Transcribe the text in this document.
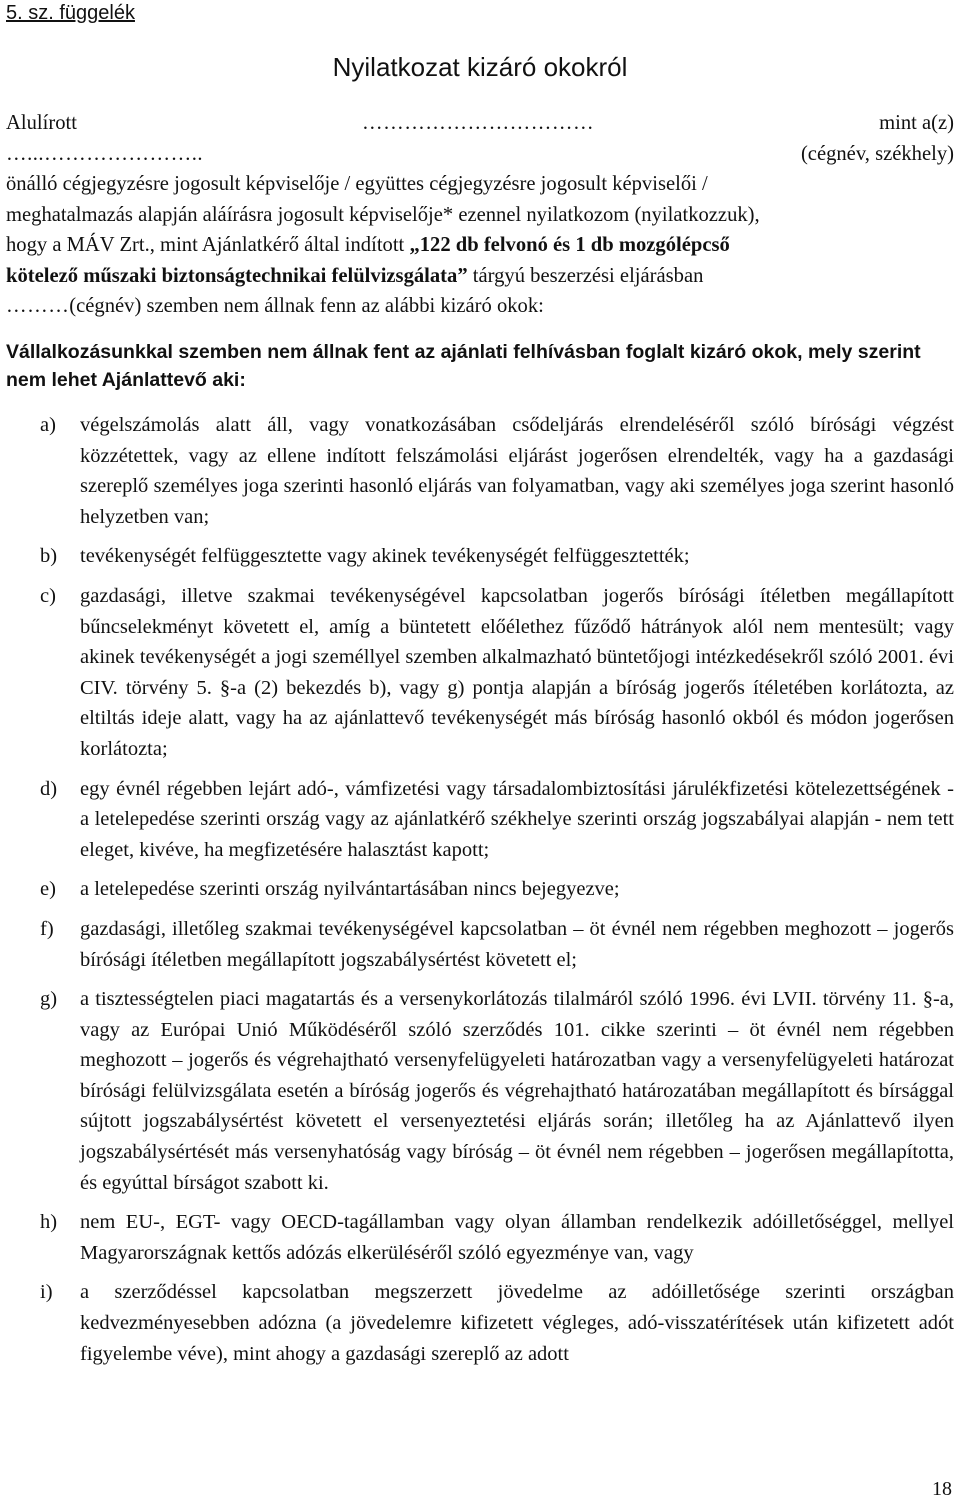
5. sz. függelék
Nyilatkozat kizáró okokról
Alulírott	……………………………	mint a(z)
…...…………………..	(cégnév, székhely)
önálló cégjegyzésre jogosult képviselője / együttes cégjegyzésre jogosult képviselői /
meghatalmazás alapján aláírásra jogosult képviselője* ezennel nyilatkozom (nyilatkozzuk),
hogy a MÁV Zrt., mint Ajánlatkérő által indított „122 db felvonó és 1 db mozgólépcső
kötelező műszaki biztonságtechnikai felülvizsgálata” tárgyú beszerzési eljárásban
……… (cégnév) szemben nem állnak fenn az alábbi kizáró okok:
Vállalkozásunkkal szemben nem állnak fent az ajánlati felhívásban foglalt kizáró okok, mely szerint nem lehet Ajánlattevő aki:
a) végelszámolás alatt áll, vagy vonatkozásában csődeljárás elrendeléséről szóló bírósági végzést közzétettek, vagy az ellene indított felszámolási eljárást jogerősen elrendelték, vagy ha a gazdasági szereplő személyes joga szerinti hasonló eljárás van folyamatban, vagy aki személyes joga szerint hasonló helyzetben van;
b) tevékenységét felfüggesztette vagy akinek tevékenységét felfüggesztették;
c) gazdasági, illetve szakmai tevékenységével kapcsolatban jogerős bírósági ítéletben megállapított bűncselekményt követett el, amíg a büntetett előélethez fűződő hátrányok alól nem mentesült; vagy akinek tevékenységét a jogi személlyel szemben alkalmazható büntetőjogi intézkedésekről szóló 2001. évi CIV. törvény 5. §-a (2) bekezdés b), vagy g) pontja alapján a bíróság jogerős ítéletében korlátozta, az eltiltás ideje alatt, vagy ha az ajánlattevő tevékenységét más bíróság hasonló okból és módon jogerősen korlátozta;
d) egy évnél régebben lejárt adó-, vámfizetési vagy társadalombiztosítási járulékfizetési kötelezettségének - a letelepedése szerinti ország vagy az ajánlatkérő székhelye szerinti ország jogszabályai alapján - nem tett eleget, kivéve, ha megfizetésére halasztást kapott;
e) a letelepedése szerinti ország nyilvántartásában nincs bejegyezve;
f) gazdasági, illetőleg szakmai tevékenységével kapcsolatban – öt évnél nem régebben meghozott – jogerős bírósági ítéletben megállapított jogszabálysértést követett el;
g) a tisztességtelen piaci magatartás és a versenykorlátozás tilalmáról szóló 1996. évi LVII. törvény 11. §-a, vagy az Európai Unió Működéséről szóló szerződés 101. cikke szerinti – öt évnél nem régebben meghozott – jogerős és végrehajtható versenyfelügyeleti határozatban vagy a versenyfelügyeleti határozat bírósági felülvizsgálata esetén a bíróság jogerős és végrehajtható határozatában megállapított és bírsággal sújtott jogszabálysértést követett el versenyeztetési eljárás során; illetőleg ha az Ajánlattevő ilyen jogszabálysértését más versenyhatóság vagy bíróság – öt évnél nem régebben – jogerősen megállapította, és egyúttal bírságot szabott ki.
h) nem EU-, EGT- vagy OECD-tagállamban vagy olyan államban rendelkezik adóilletőséggel, mellyel Magyarországnak kettős adózás elkerüléséről szóló egyezménye van, vagy
i) a szerződéssel kapcsolatban megszerzett jövedelme az adóilletősége szerinti országban kedvezményesebben adózna (a jövedelemre kifizetett végleges, adó-visszatérítések után kifizetett adót figyelembe véve), mint ahogy a gazdasági szereplő az adott
18
